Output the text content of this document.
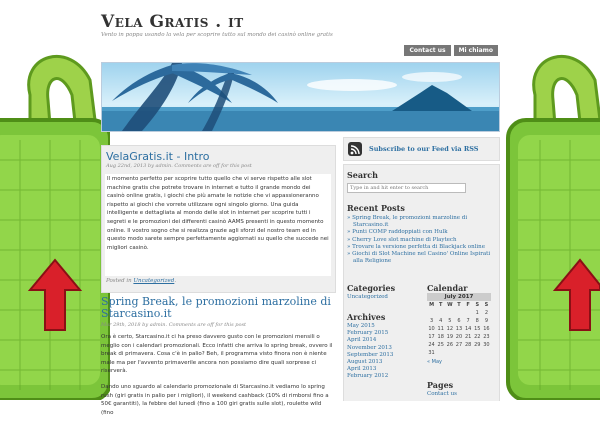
Vela Gratis . it
Vento in poppa usando la vela per scoprire tutto sul mondo dei casinò online gratis
Contact us	Mi chiamo
VelaGratis.it - Intro
Aug 22nd, 2013 by admin. Comments are off for this post
Il momento perfetto per scoprire tutto quello che vi serve rispetto alle slot machine gratis che potrete trovare in internet e tutto il grande mondo dei casinò online gratis, i giochi che più amate le notizie che vi appassioneranno rispetto ai giochi che vorrete utilizzare ogni singolo giorno. Una guida intelligente e dettagliata al mondo delle slot in internet per scoprire tutti i segreti e le promozioni dei differenti casinò AAMS presenti in questo momento online. Il vostro sogno che si realizza grazie agli sforzi del nostro team ed in questo modo sarete sempre perfettamente aggiornati su quello che succede nei migliori casinò.
Posted in Uncategorized.
Spring Break, le promozioni marzoline di Starcasino.it
Mar 29th, 2018 by admin. Comments are off for this post

Ora è certo, Starcasino.it ci ha preso davvero gusto con le promozioni mensili o meglio con i calendari promozionali. Ecco infatti che arriva lo spring break, ovvero il break di primavera. Cosa c'è in palio? Beh, il programma visto finora non è niente male ma per l'avvento primaverile ancora non possiamo dire quali sorprese ci riserverà.

Dando uno sguardo al calendario promozionale di Starcasino.it vediamo lo spring rush (giri gratis in palio per i migliori), il weekend cashback (10% di rimborsi fino a 50€ garantiti), la febbre del lunedì (fino a 100 giri gratis sulle slot), roulette wild (fino

Subscribe to our Feed via RSS
Search
Type in and hit enter to search
Recent Posts
» Spring Break, le promozioni marzoline di Starcasino.it
» Punti COMP raddoppiati con Hulk
» Cherry Love slot machine di Playtech
» Trovare la versione perfetta di Blackjack online
» Giochi di Slot Machine nel Casino' Online Ispirati alla Religione
Categories
Uncategorized
Archives
May 2015
February 2015
April 2014
November 2013
September 2013
August 2013
April 2013
February 2012
Calendar
July 2017
M	T	W	T	F	S	S
					1	2
3	4	5	6	7	8	9
10	11	12	13	14	15	16
17	18	19	20	21	22	23
24	25	26	27	28	29	30
31						
« May
Pages
Contact us
